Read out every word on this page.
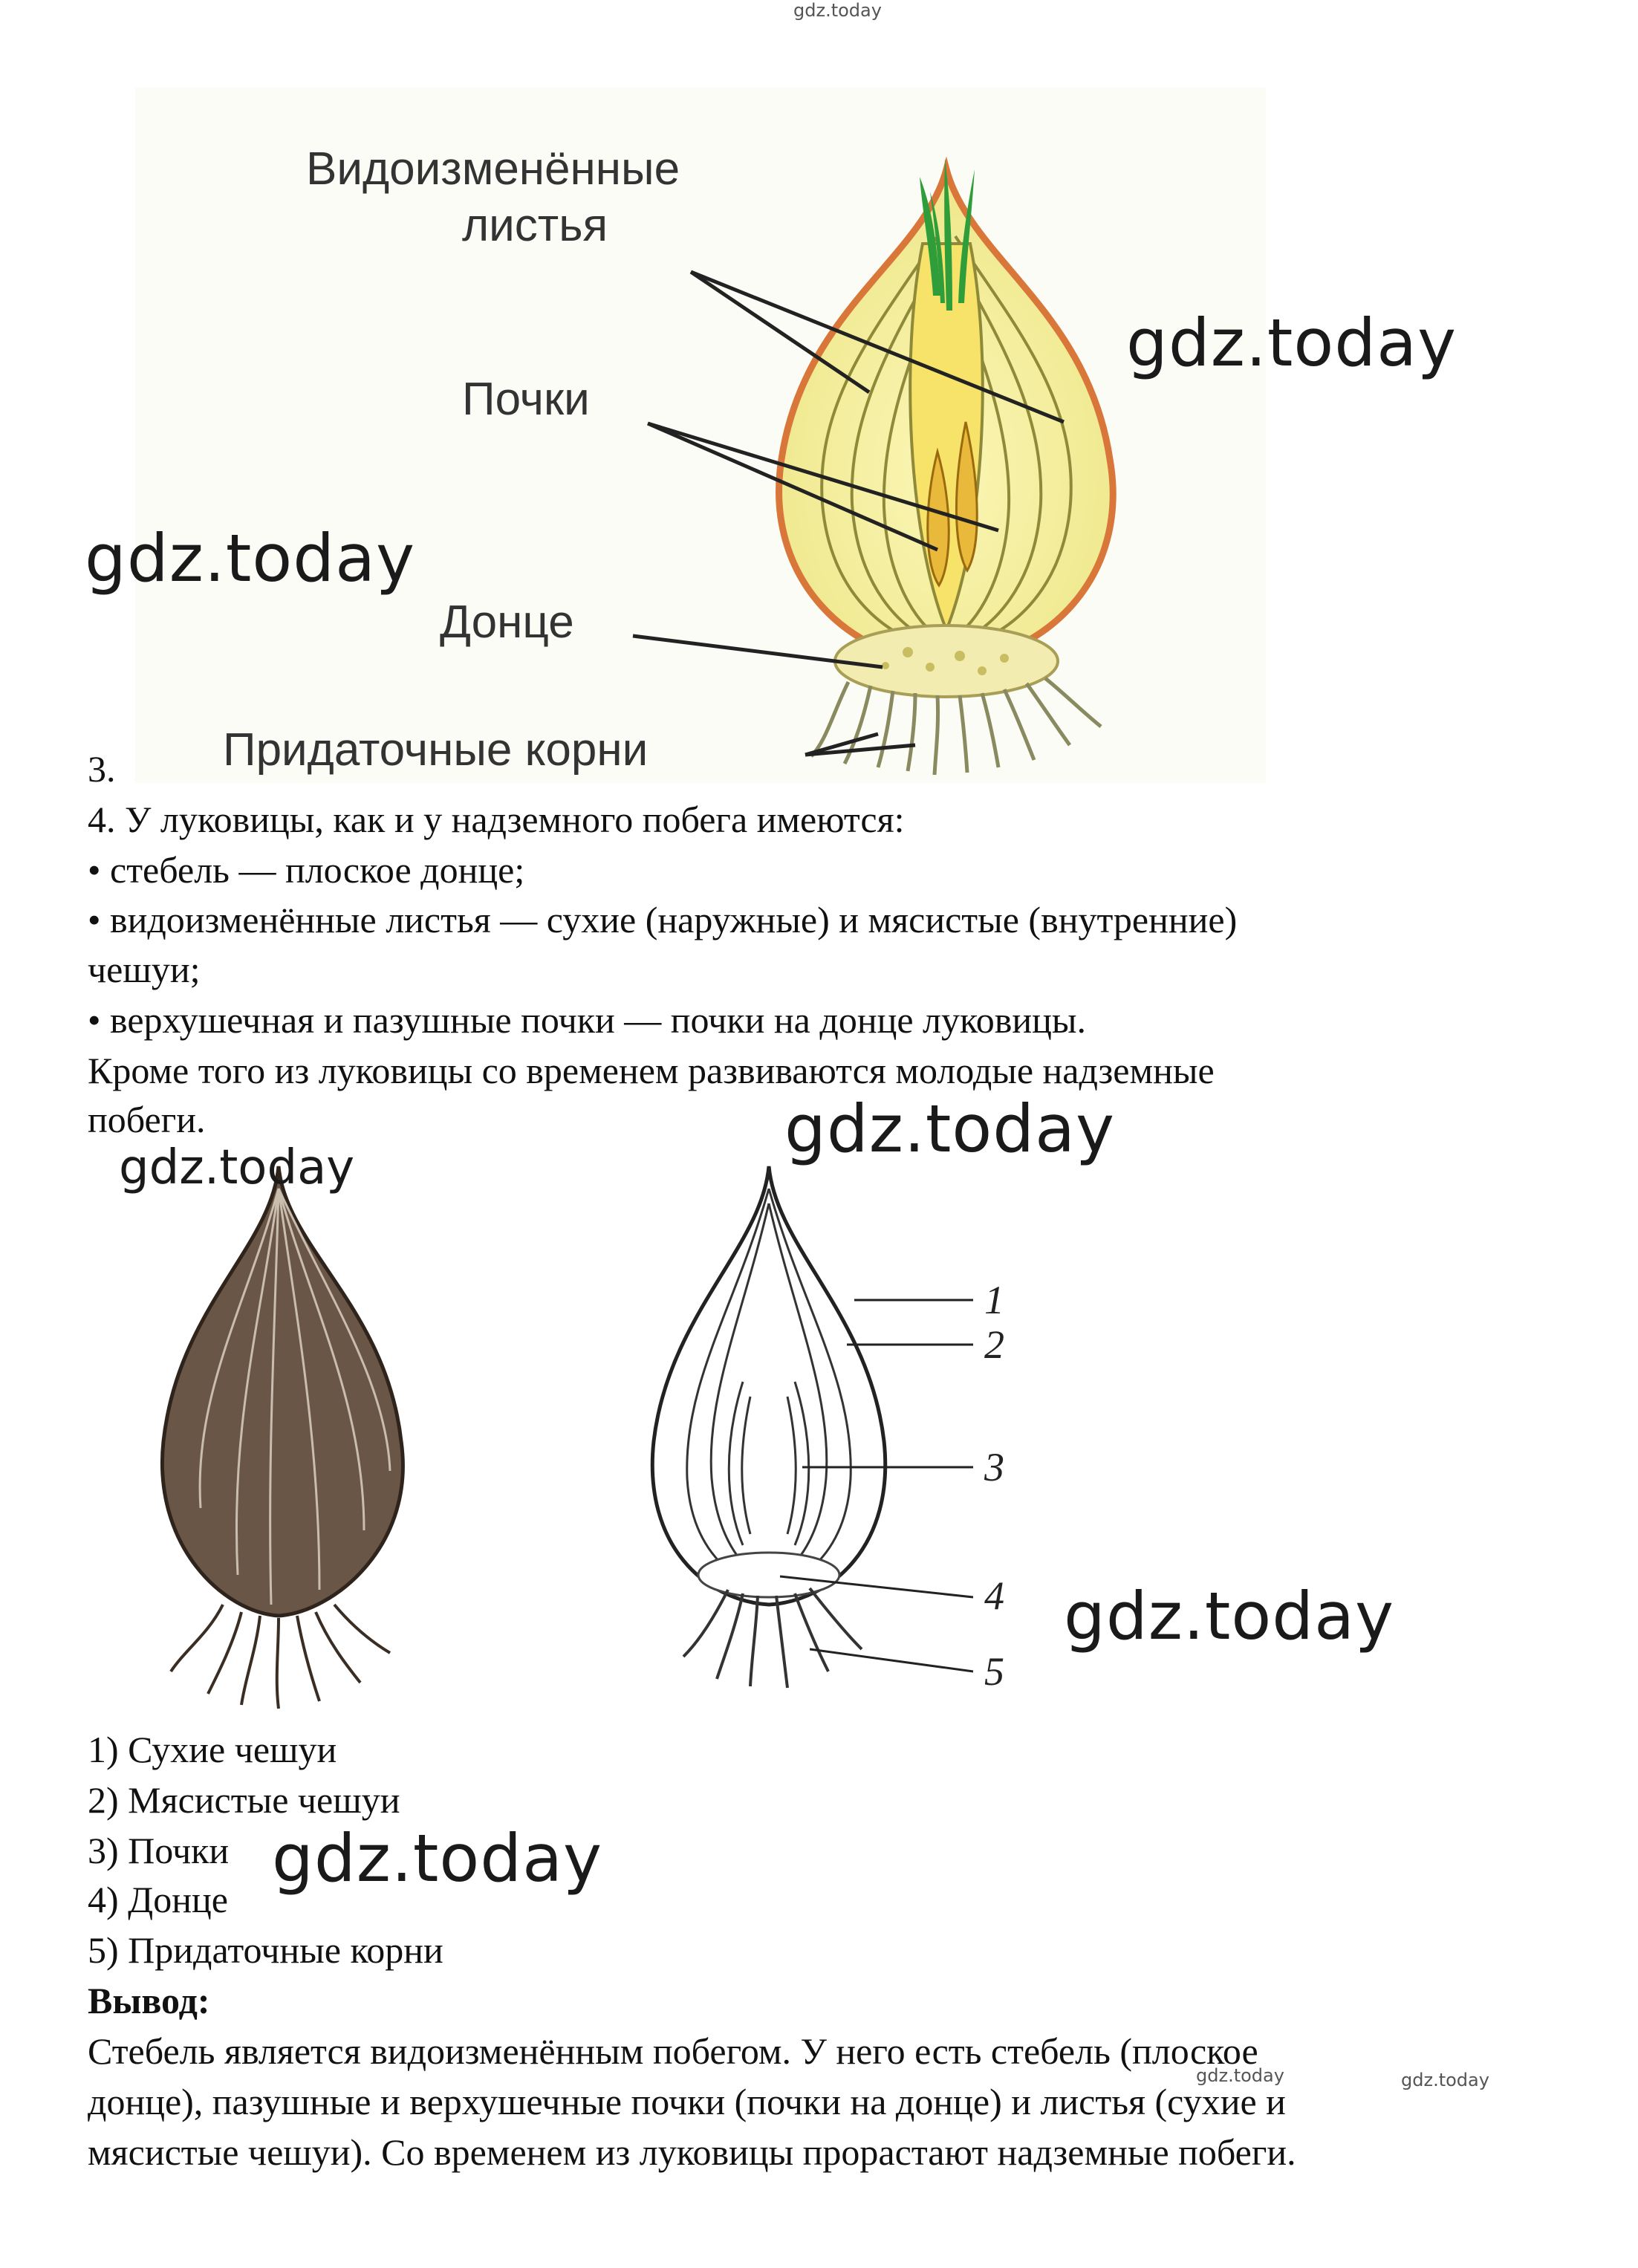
gdz.today
Видоизменённые
листья
Почки
Донце
Придаточные корни
3.
4. У луковицы, как и у надземного побега имеются:
• стебель — плоское донце;
• видоизменённые листья — сухие (наружные) и мясистые (внутренние)
чешуи;
• верхушечная и пазушные почки — почки на донце луковицы.
Кроме того из луковицы со временем развиваются молодые надземные
побеги.
1
2
3
4
5
1) Сухие чешуи
2) Мясистые чешуи
3) Почки
4) Донце
5) Придаточные корни
Вывод:
Стебель является видоизменённым побегом. У него есть стебель (плоское
донце), пазушные и верхушечные почки (почки на донце) и листья (сухие и
мясистые чешуи). Со временем из луковицы прорастают надземные побеги.
gdz.today
gdz.today
gdz.today
gdz.today
gdz.today
gdz.today
gdz.today	gdz.today
